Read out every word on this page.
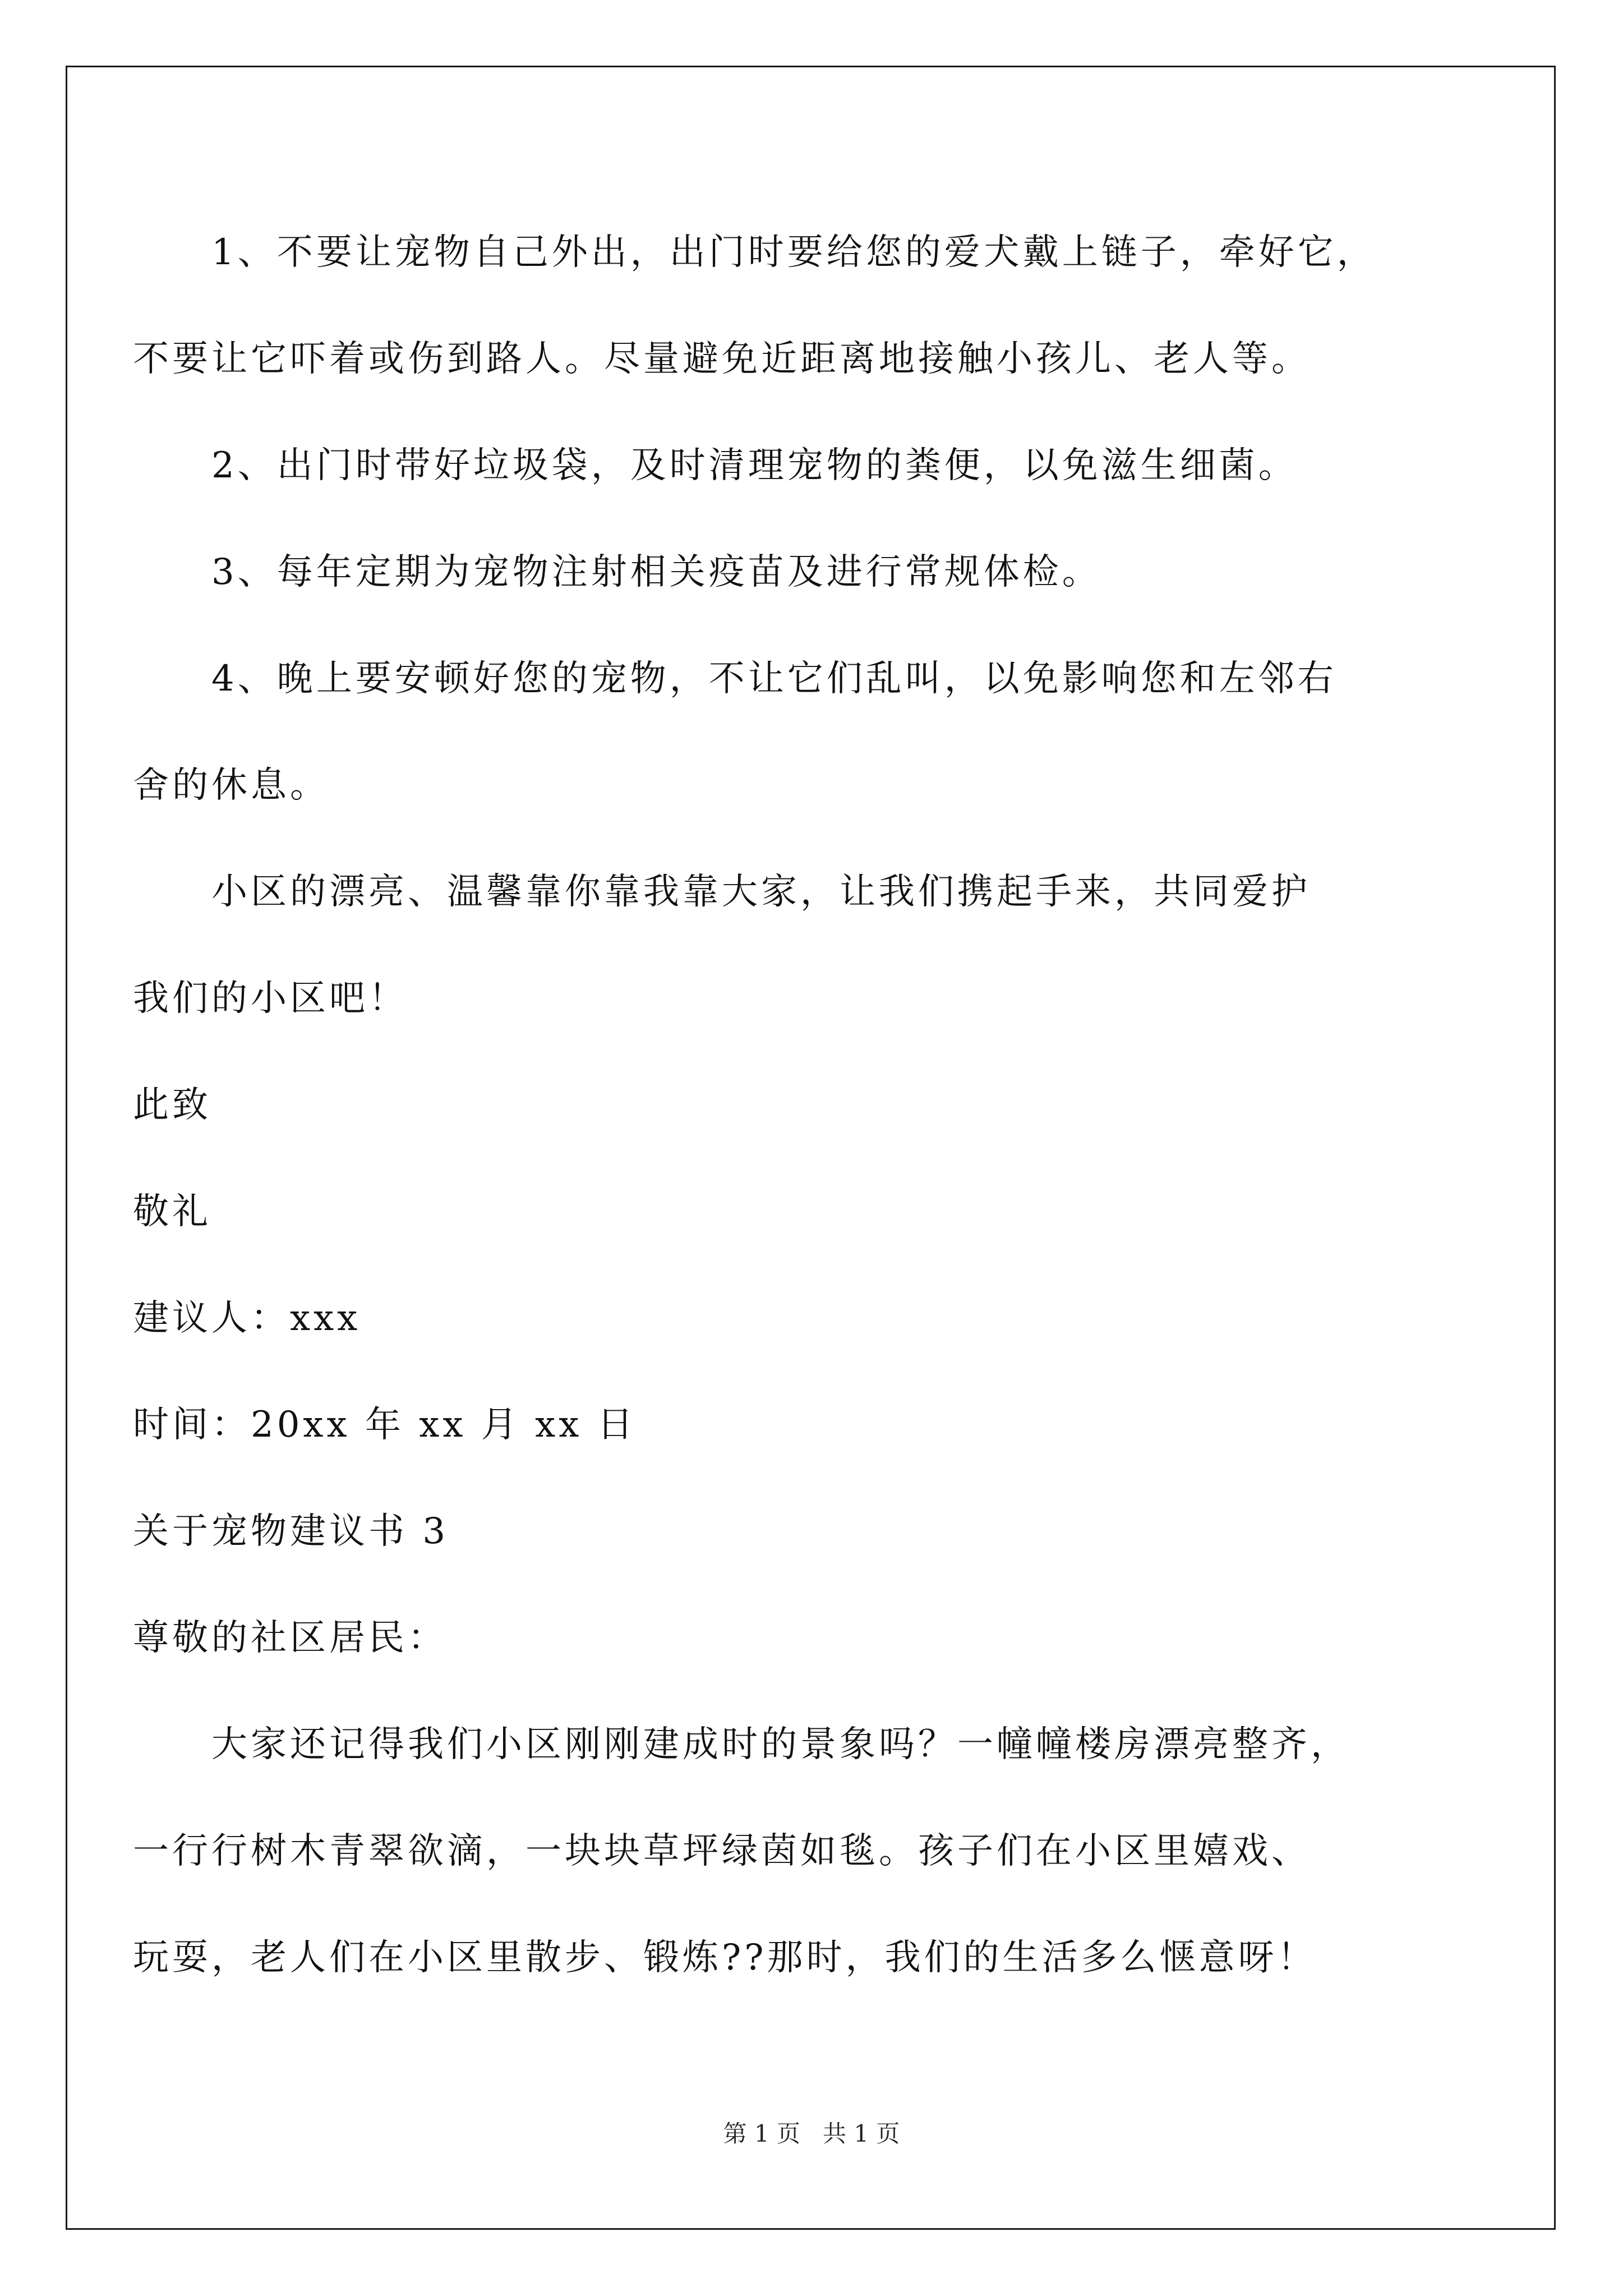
1、不要让宠物自己外出，出门时要给您的爱犬戴上链子，牵好它，
不要让它吓着或伤到路人。尽量避免近距离地接触小孩儿、老人等。
2、出门时带好垃圾袋，及时清理宠物的粪便，以免滋生细菌。
3、每年定期为宠物注射相关疫苗及进行常规体检。
4、晚上要安顿好您的宠物，不让它们乱叫，以免影响您和左邻右
舍的休息。
小区的漂亮、温馨靠你靠我靠大家，让我们携起手来，共同爱护
我们的小区吧！
此致
敬礼
建议人：xxx
时间：20xx 年 xx 月 xx 日
关于宠物建议书 3
尊敬的社区居民：
大家还记得我们小区刚刚建成时的景象吗？一幢幢楼房漂亮整齐，
一行行树木青翠欲滴，一块块草坪绿茵如毯。孩子们在小区里嬉戏、
玩耍，老人们在小区里散步、锻炼??那时，我们的生活多么惬意呀！
第 1 页 共 1 页
